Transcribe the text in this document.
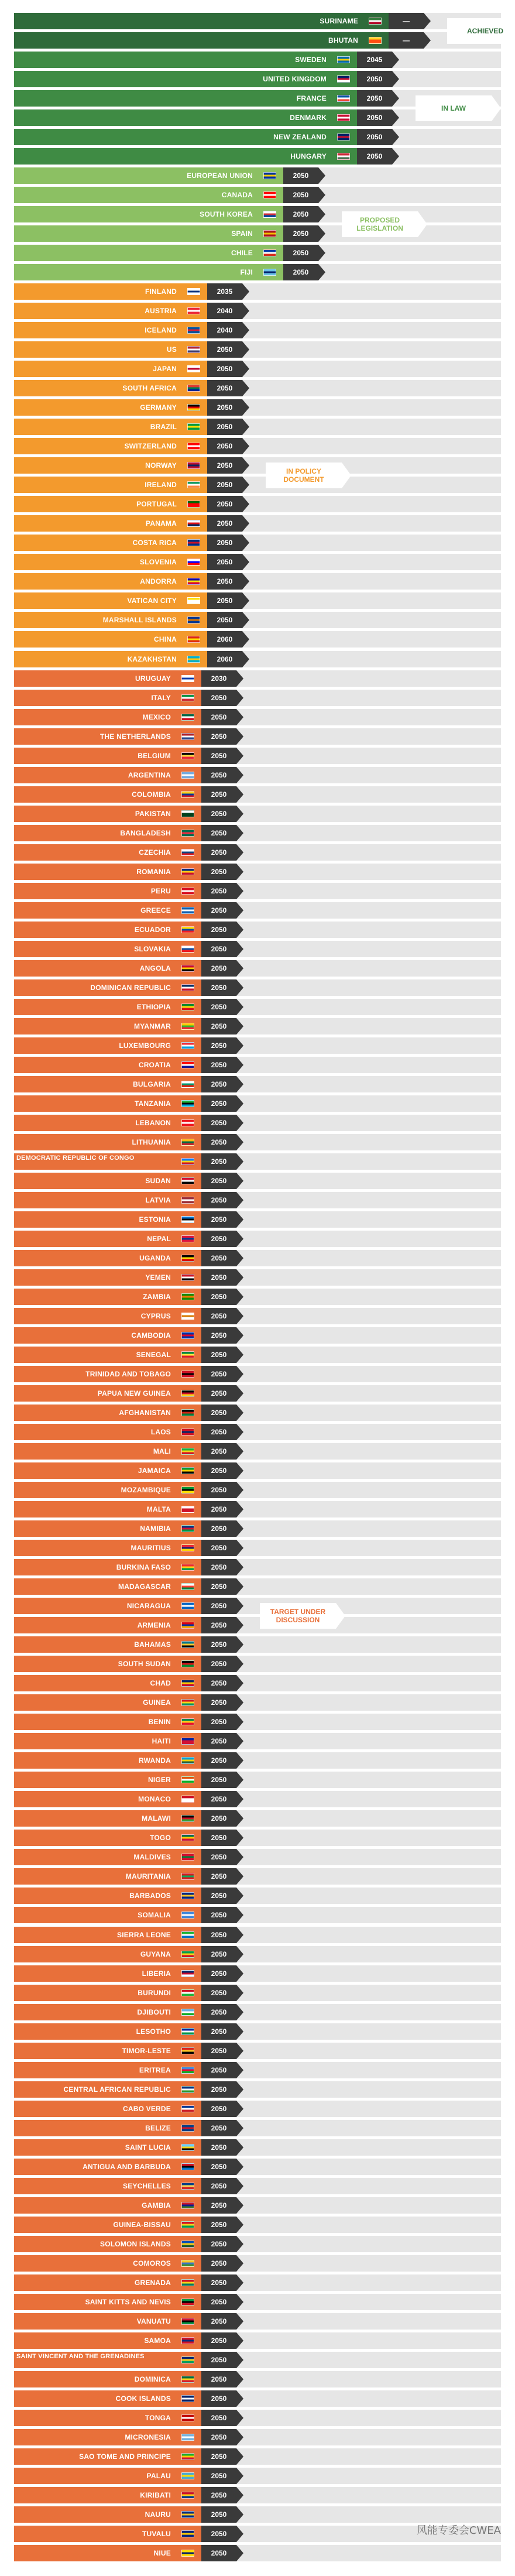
SURINAME	—
BHUTAN	—
SWEDEN	2045
UNITED KINGDOM	2050
FRANCE	2050
DENMARK	2050
NEW ZEALAND	2050
HUNGARY	2050
EUROPEAN UNION	2050
CANADA	2050
SOUTH KOREA	2050
SPAIN	2050
CHILE	2050
FIJI	2050
FINLAND	2035
AUSTRIA	2040
ICELAND	2040
US	2050
JAPAN	2050
SOUTH AFRICA	2050
GERMANY	2050
BRAZIL	2050
SWITZERLAND	2050
NORWAY	2050
IRELAND	2050
PORTUGAL	2050
PANAMA	2050
COSTA RICA	2050
SLOVENIA	2050
ANDORRA	2050
VATICAN CITY	2050
MARSHALL ISLANDS	2050
CHINA	2060
KAZAKHSTAN	2060
URUGUAY	2030
ITALY	2050
MEXICO	2050
THE NETHERLANDS	2050
BELGIUM	2050
ARGENTINA	2050
COLOMBIA	2050
PAKISTAN	2050
BANGLADESH	2050
CZECHIA	2050
ROMANIA	2050
PERU	2050
GREECE	2050
ECUADOR	2050
SLOVAKIA	2050
ANGOLA	2050
DOMINICAN REPUBLIC	2050
ETHIOPIA	2050
MYANMAR	2050
LUXEMBOURG	2050
CROATIA	2050
BULGARIA	2050
TANZANIA	2050
LEBANON	2050
LITHUANIA	2050
DEMOCRATIC REPUBLIC OF CONGO	2050
SUDAN	2050
LATVIA	2050
ESTONIA	2050
NEPAL	2050
UGANDA	2050
YEMEN	2050
ZAMBIA	2050
CYPRUS	2050
CAMBODIA	2050
SENEGAL	2050
TRINIDAD AND TOBAGO	2050
PAPUA NEW GUINEA	2050
AFGHANISTAN	2050
LAOS	2050
MALI	2050
JAMAICA	2050
MOZAMBIQUE	2050
MALTA	2050
NAMIBIA	2050
MAURITIUS	2050
BURKINA FASO	2050
MADAGASCAR	2050
NICARAGUA	2050
ARMENIA	2050
BAHAMAS	2050
SOUTH SUDAN	2050
CHAD	2050
GUINEA	2050
BENIN	2050
HAITI	2050
RWANDA	2050
NIGER	2050
MONACO	2050
MALAWI	2050
TOGO	2050
MALDIVES	2050
MAURITANIA	2050
BARBADOS	2050
SOMALIA	2050
SIERRA LEONE	2050
GUYANA	2050
LIBERIA	2050
BURUNDI	2050
DJIBOUTI	2050
LESOTHO	2050
TIMOR-LESTE	2050
ERITREA	2050
CENTRAL AFRICAN REPUBLIC	2050
CABO VERDE	2050
BELIZE	2050
SAINT LUCIA	2050
ANTIGUA AND BARBUDA	2050
SEYCHELLES	2050
GAMBIA	2050
GUINEA-BISSAU	2050
SOLOMON ISLANDS	2050
COMOROS	2050
GRENADA	2050
SAINT KITTS AND NEVIS	2050
VANUATU	2050
SAMOA	2050
SAINT VINCENT AND THE GRENADINES	2050
DOMINICA	2050
COOK ISLANDS	2050
TONGA	2050
MICRONESIA	2050
SAO TOME AND PRINCIPE	2050
PALAU	2050
KIRIBATI	2050
NAURU	2050
TUVALU	2050
NIUE	2050
ACHIEVED
IN LAW
PROPOSED LEGISLATION
IN POLICY DOCUMENT
TARGET UNDER DISCUSSION
风能专委会CWEA
